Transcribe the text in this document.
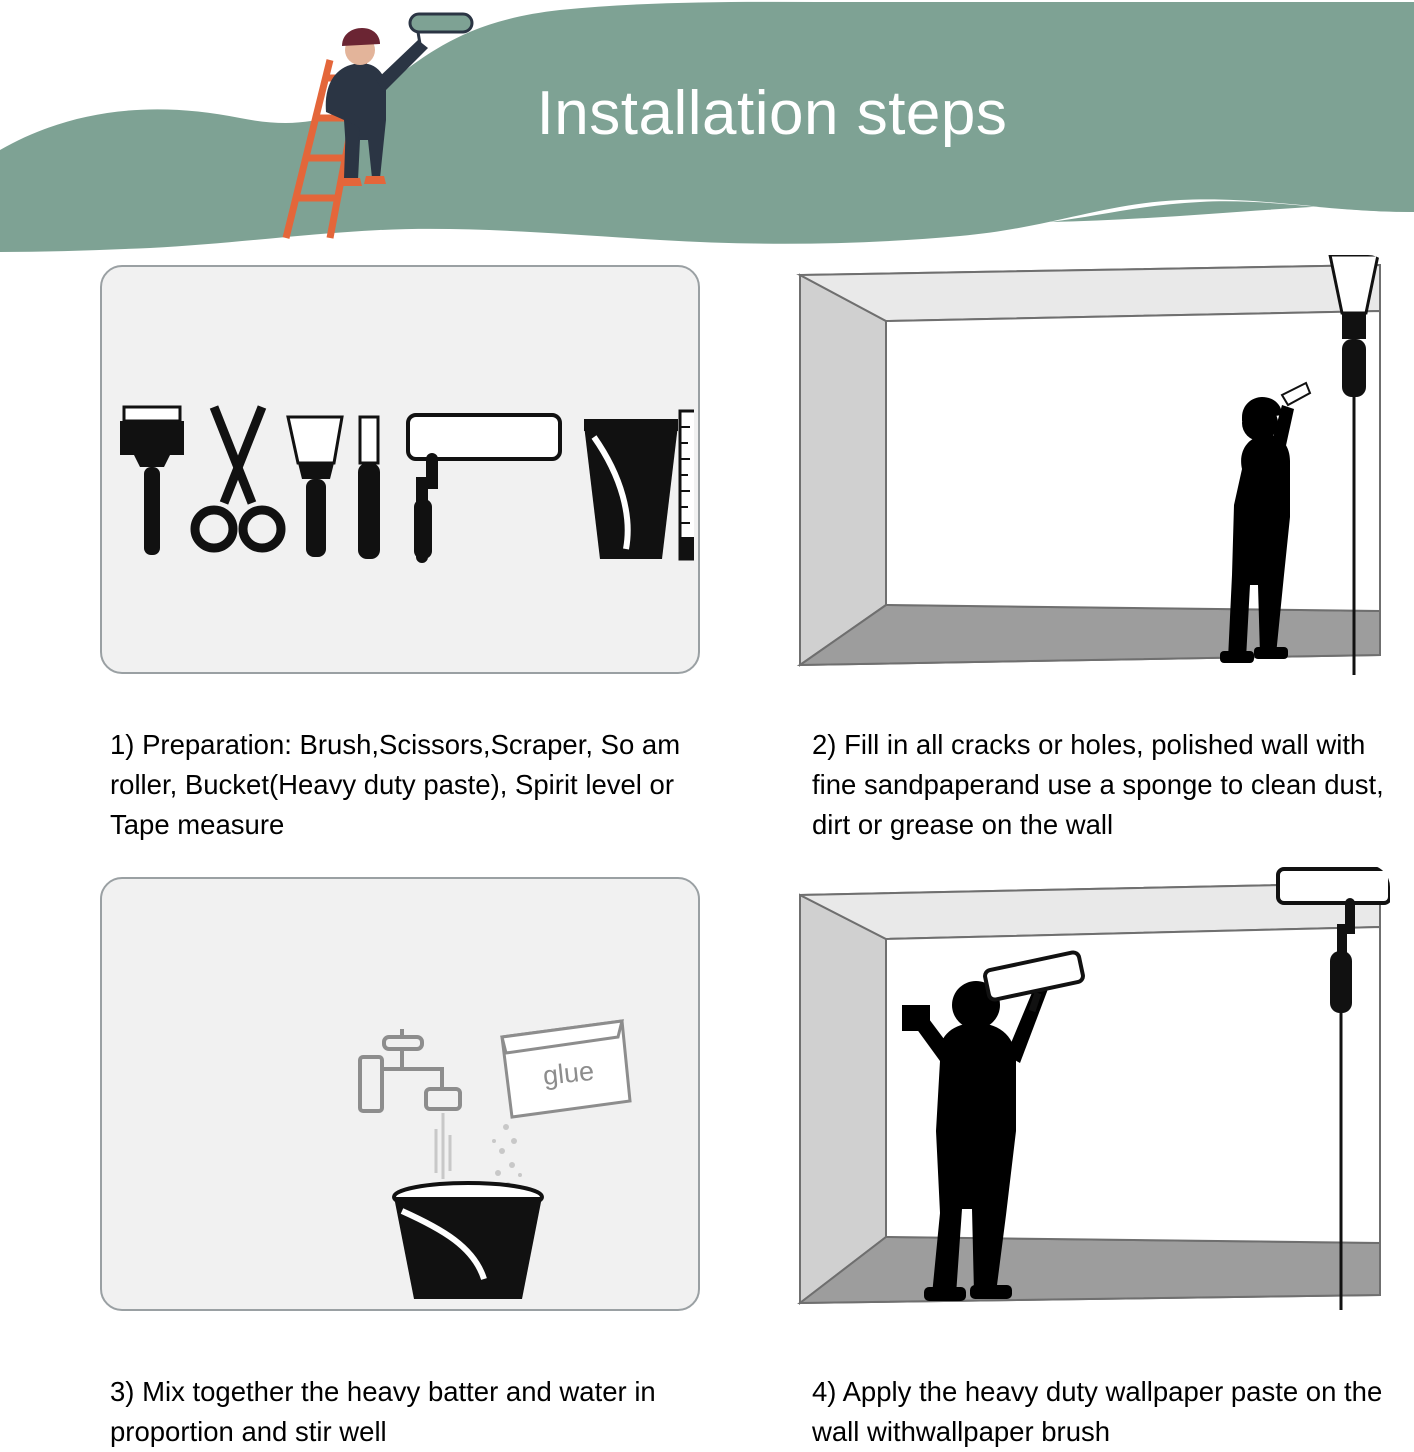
Installation steps
1) Preparation: Brush,Scissors,Scraper, So am roller, Bucket(Heavy duty paste), Spirit level or Tape measure
2) Fill in all cracks or holes, polished wall with fine sandpaperand use a sponge to clean dust, dirt or grease on the wall
glue
3) Mix together the heavy batter and water in proportion and stir well
4) Apply the heavy duty wallpaper paste on the wall withwallpaper brush
